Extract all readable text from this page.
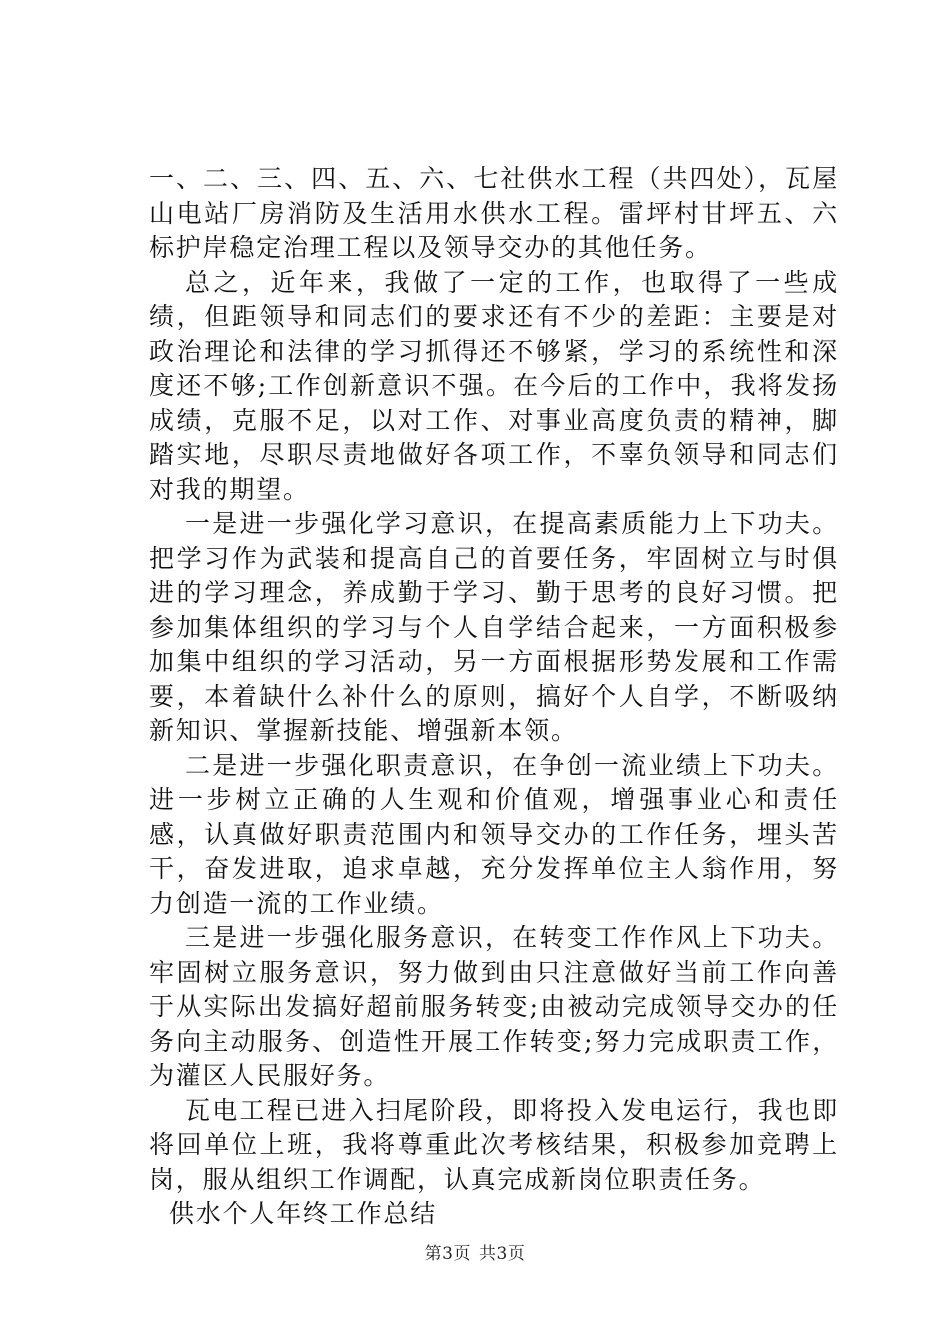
一、二、三、四、五、六、七社供水工程（共四处），瓦屋山电站厂房消防及生活用水供水工程。雷坪村甘坪五、六标护岸稳定治理工程以及领导交办的其他任务。

总之，近年来，我做了一定的工作，也取得了一些成绩，但距领导和同志们的要求还有不少的差距：主要是对政治理论和法律的学习抓得还不够紧，学习的系统性和深度还不够;工作创新意识不强。在今后的工作中，我将发扬成绩，克服不足，以对工作、对事业高度负责的精神，脚踏实地，尽职尽责地做好各项工作，不辜负领导和同志们对我的期望。

一是进一步强化学习意识，在提高素质能力上下功夫。把学习作为武装和提高自己的首要任务，牢固树立与时俱进的学习理念，养成勤于学习、勤于思考的良好习惯。把参加集体组织的学习与个人自学结合起来，一方面积极参加集中组织的学习活动，另一方面根据形势发展和工作需要，本着缺什么补什么的原则，搞好个人自学，不断吸纳新知识、掌握新技能、增强新本领。

二是进一步强化职责意识，在争创一流业绩上下功夫。进一步树立正确的人生观和价值观，增强事业心和责任感，认真做好职责范围内和领导交办的工作任务，埋头苦干，奋发进取，追求卓越，充分发挥单位主人翁作用，努力创造一流的工作业绩。

三是进一步强化服务意识，在转变工作作风上下功夫。牢固树立服务意识，努力做到由只注意做好当前工作向善于从实际出发搞好超前服务转变;由被动完成领导交办的任务向主动服务、创造性开展工作转变;努力完成职责工作，为灌区人民服好务。

瓦电工程已进入扫尾阶段，即将投入发电运行，我也即将回单位上班，我将尊重此次考核结果，积极参加竞聘上岗，服从组织工作调配，认真完成新岗位职责任务。

供水个人年终工作总结

第3页 共3页
